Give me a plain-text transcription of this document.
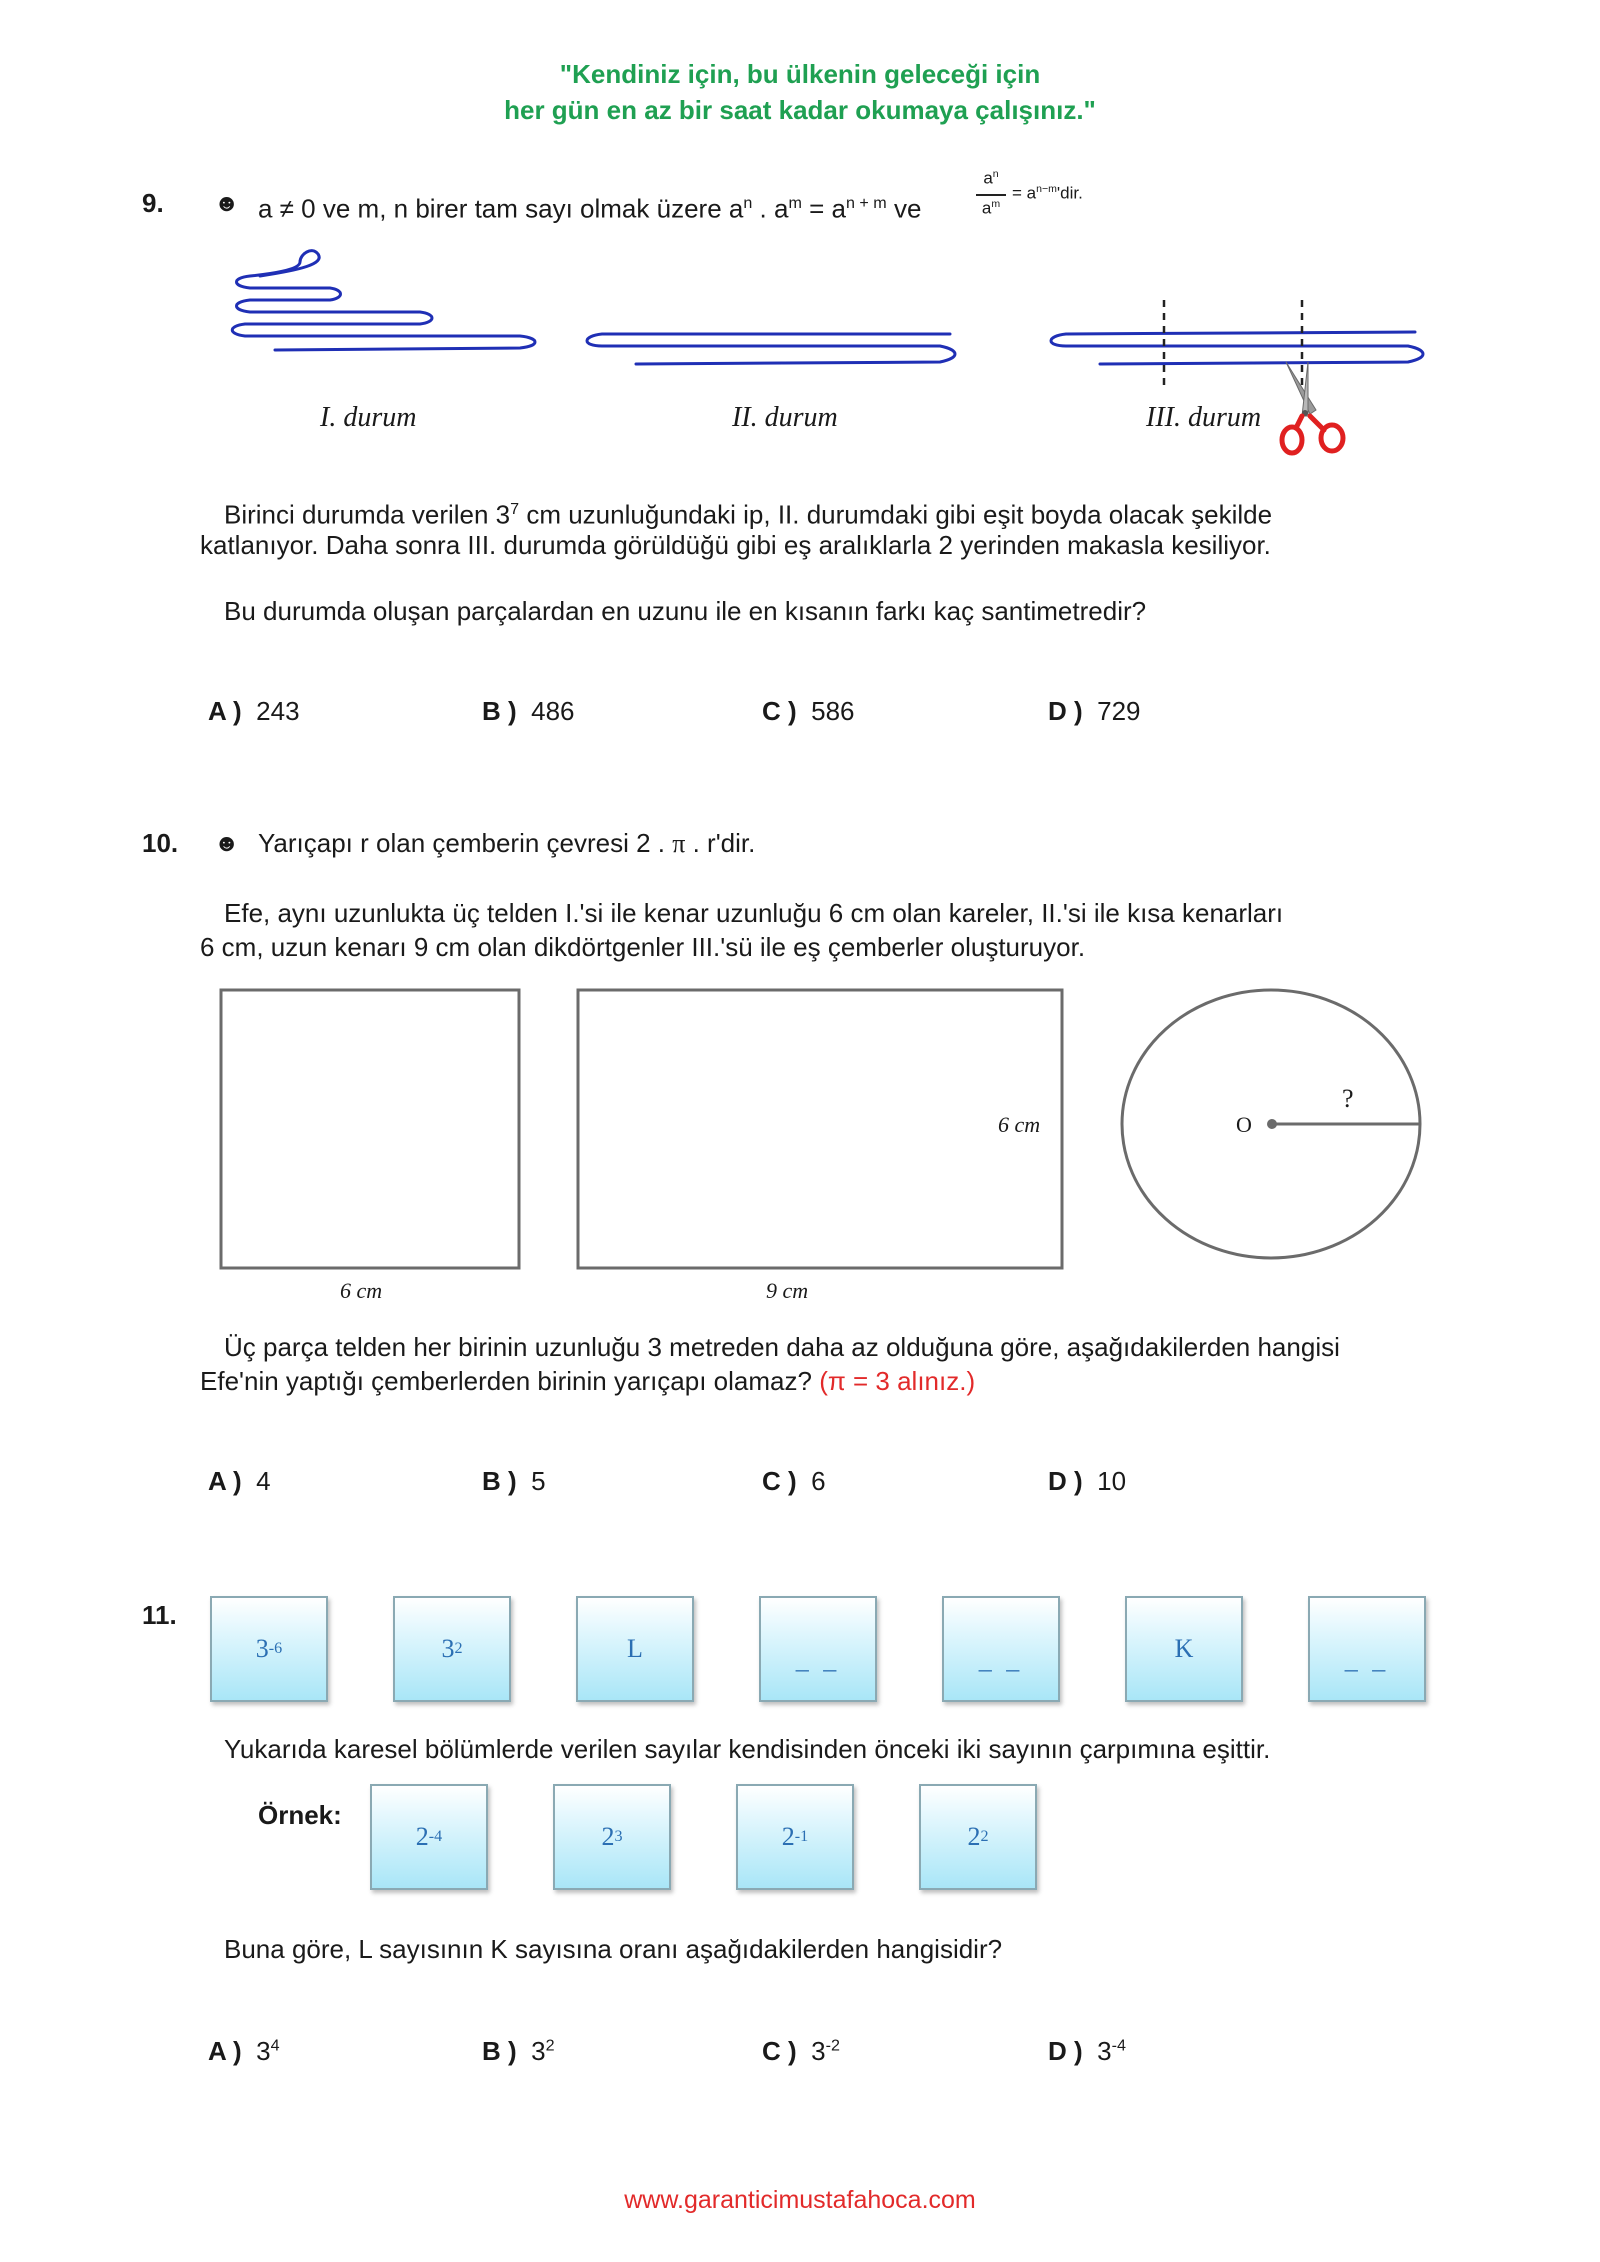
"Kendiniz için, bu ülkenin geleceği için
her gün en az bir saat kadar okumaya çalışınız."
9. ☻ a ≠ 0 ve m, n birer tam sayı olmak üzere $a^n$ . $a^m = a^{n + m}$ ve
$a^n$
$a^m$
= $a^{n-m}'dir$.
I. durum	II. durum	III. durum
Birinci durumda verilen $3^7$ cm uzunluğundaki ip, II. durumdaki gibi eşit boyda olacak şekilde
katlanıyor. Daha sonra III. durumda görüldüğü gibi eş aralıklarla 2 yerinden makasla kesiliyor.
Bu durumda oluşan parçalardan en uzunu ile en kısanın farkı kaç santimetredir?
A ) 243	B ) 486	C ) 586	D ) 729
10. ☻ Yarıçapı r olan çemberin çevresi 2 . π . r'dir.
Efe, aynı uzunlukta üç telden I.'si ile kenar uzunluğu 6 cm olan kareler, II.'si ile kısa kenarları
6 cm, uzun kenarı 9 cm olan dikdörtgenler III.'sü ile eş çemberler oluşturuyor.
6 cm	O
?
6 cm	9 cm
Üç parça telden her birinin uzunluğu 3 metreden daha az olduğuna göre, aşağıdakilerden hangisi
Efe'nin yaptığı çemberlerden birinin yarıçapı olamaz? (π = 3 alınız.)
A ) 4	B ) 5	C ) 6	D ) 10
11.
3 -6	3 2	L	_ _	_ _	K	_ _
Yukarıda karesel bölümlerde verilen sayılar kendisinden önceki iki sayının çarpımına eşittir.
Örnek:
2 -4	2 3	2 -1	2 2
Buna göre, L sayısının K sayısına oranı aşağıdakilerden hangisidir?
A ) $3^4$	B ) $3^2$	C ) $3^{-2}$	D ) $3^{-4}$
www.garanticimustafahoca.com
